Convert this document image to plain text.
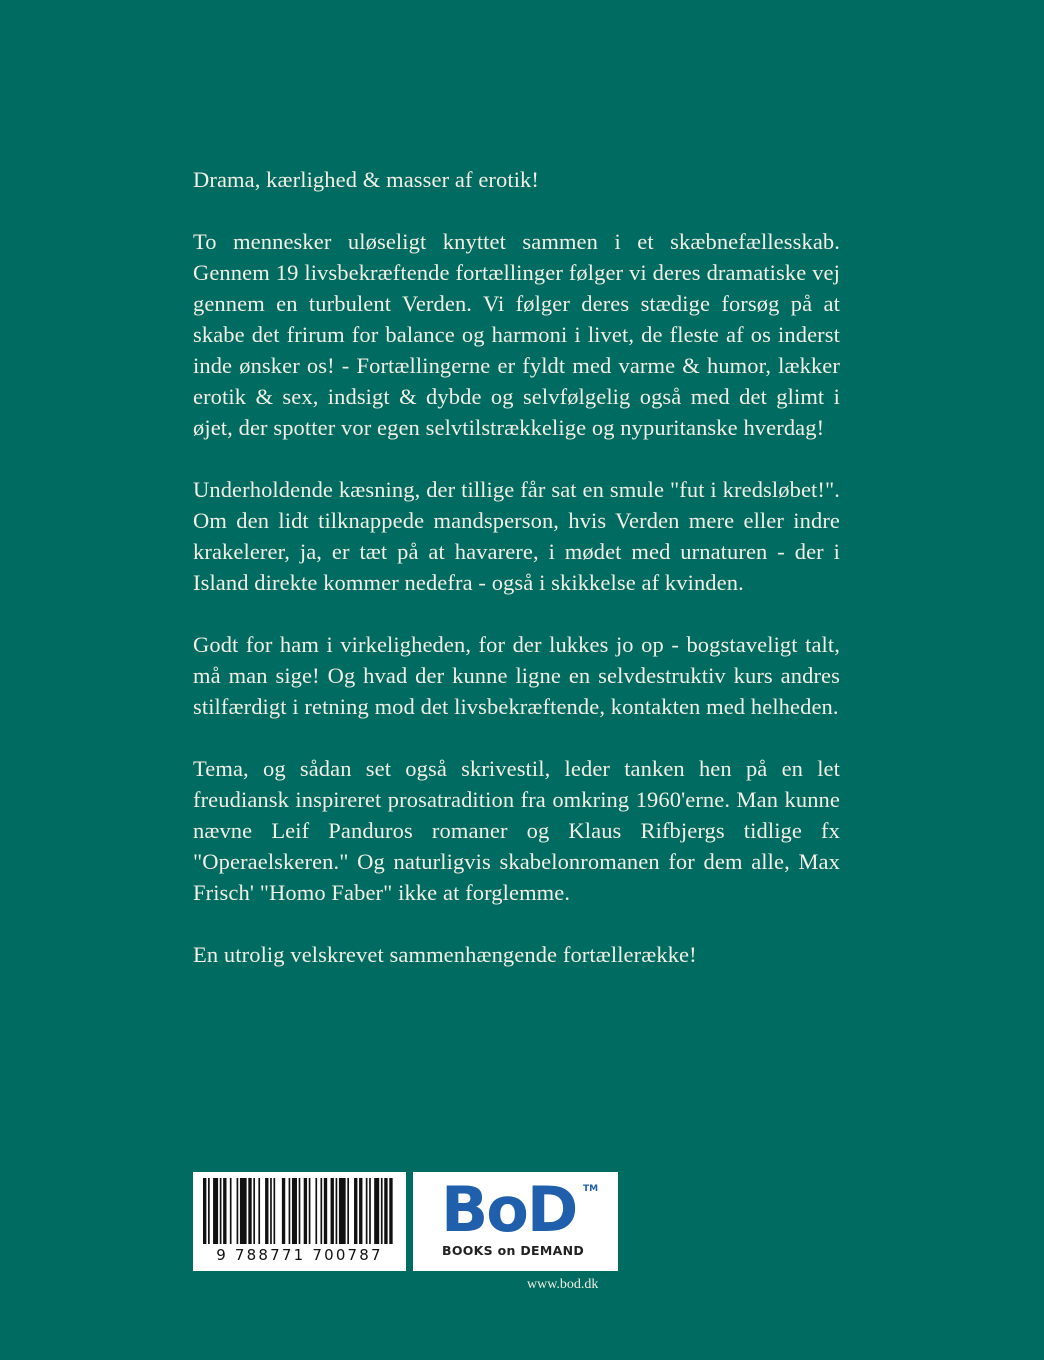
Drama, kærlighed & masser af erotik!

To mennesker uløseligt knyttet sammen i et skæbnefællesskab. Gennem 19 livsbekræftende fortællinger følger vi deres dramatiske vej gennem en turbulent Verden. Vi følger deres stædige forsøg på at skabe det frirum for balance og harmoni i livet, de fleste af os inderst inde ønsker os! - Fortællingerne er fyldt med varme & humor, lækker erotik & sex, indsigt & dybde og selvfølgelig også med det glimt i øjet, der spotter vor egen selvtilstrækkelige og nypuritanske hverdag!

Underholdende kæsning, der tillige får sat en smule "fut i kredsløbet!". Om den lidt tilknappede mandsperson, hvis Verden mere eller indre krakelerer, ja, er tæt på at havarere, i mødet med urnaturen - der i Island direkte kommer nedefra - også i skikkelse af kvinden.

Godt for ham i virkeligheden, for der lukkes jo op - bogstaveligt talt, må man sige! Og hvad der kunne ligne en selvdestruktiv kurs andres stilfærdigt i retning mod det livsbekræftende, kontakten med helheden.

Tema, og sådan set også skrivestil, leder tanken hen på en let freudiansk inspireret prosatradition fra omkring 1960'erne. Man kunne nævne Leif Panduros romaner og Klaus Rifbjergs tidlige fx "Operaelskeren." Og naturligvis skabelonromanen for dem alle, Max Frisch' "Homo Faber" ikke at forglemme.

En utrolig velskrevet sammenhængende fortællerække!

9 788771 700787
BoD TM
BOOKS on DEMAND
www.bod.dk
